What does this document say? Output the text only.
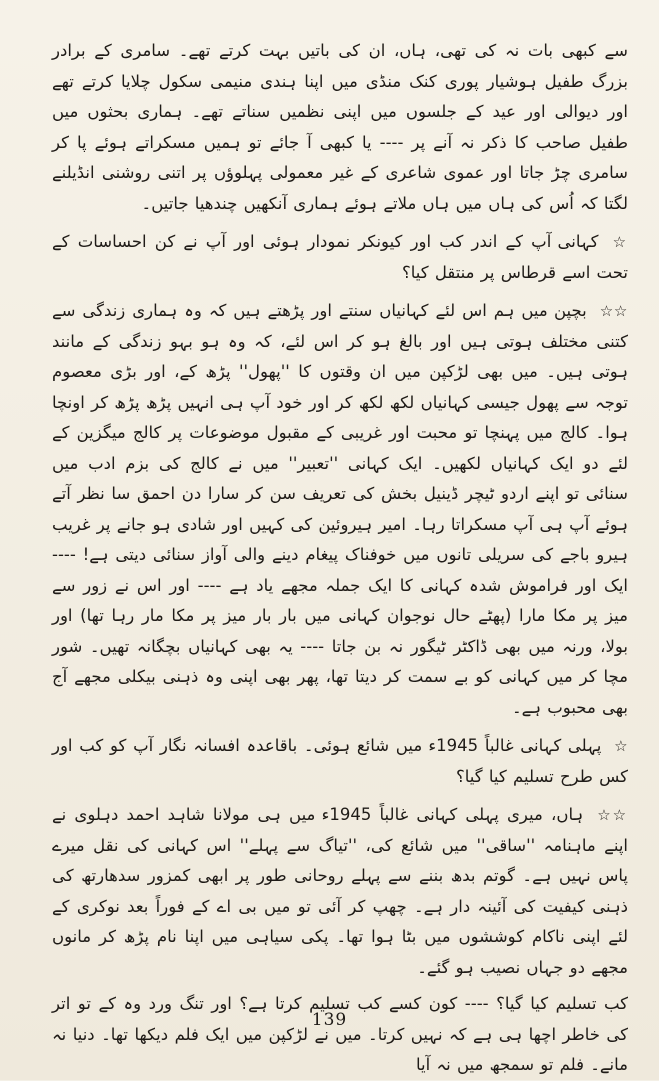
سے کبھی بات نہ کی تھی، ہاں، ان کی باتیں بہت کرتے تھے۔ سامری کے برادر بزرگ طفیل ہوشیار پوری کنک منڈی میں اپنا ہندی منیمی سکول چلایا کرتے تھے اور دیوالی اور عید کے جلسوں میں اپنی نظمیں سناتے تھے۔ ہماری بحثوں میں طفیل صاحب کا ذکر نہ آنے پر ---- یا کبھی آ جائے تو ہمیں مسکراتے ہوئے پا کر سامری چڑ جاتا اور عموی شاعری کے غیر معمولی پہلوؤں پر اتنی روشنی انڈیلنے لگتا کہ اُس کی ہاں میں ہاں ملاتے ہوئے ہماری آنکھیں چندھیا جاتیں۔

☆ کہانی آپ کے اندر کب اور کیونکر نمودار ہوئی اور آپ نے کن احساسات کے تحت اسے قرطاس پر منتقل کیا؟

☆☆ بچپن میں ہم اس لئے کہانیاں سنتے اور پڑھتے ہیں کہ وہ ہماری زندگی سے کتنی مختلف ہوتی ہیں اور بالغ ہو کر اس لئے، کہ وہ ہو بہو زندگی کے مانند ہوتی ہیں۔ میں بھی لڑکپن میں ان وقتوں کا ''پھول'' پڑھ کے، اور بڑی معصوم توجہ سے پھول جیسی کہانیاں لکھ لکھ کر اور خود آپ ہی انہیں پڑھ پڑھ کر اونچا ہوا۔ کالج میں پہنچا تو محبت اور غریبی کے مقبول موضوعات پر کالج میگزین کے لئے دو ایک کہانیاں لکھیں۔ ایک کہانی ''تعبیر'' میں نے کالج کی بزم ادب میں سنائی تو اپنے اردو ٹیچر ڈینیل بخش کی تعریف سن کر سارا دن احمق سا نظر آتے ہوئے آپ ہی آپ مسکراتا رہا۔ امیر ہیروئین کی کہیں اور شادی ہو جانے پر غریب ہیرو باجے کی سریلی تانوں میں خوفناک پیغام دینے والی آواز سنائی دیتی ہے! ---- ایک اور فراموش شدہ کہانی کا ایک جملہ مجھے یاد ہے ---- اور اس نے زور سے میز پر مکا مارا (پھٹے حال نوجوان کہانی میں بار بار میز پر مکا مار رہا تھا) اور بولا، ورنہ میں بھی ڈاکٹر ٹیگور نہ بن جاتا ---- یہ بھی کہانیاں بچگانہ تھیں۔ شور مچا کر میں کہانی کو بے سمت کر دیتا تھا، پھر بھی اپنی وہ ذہنی بیکلی مجھے آج بھی محبوب ہے۔

☆ پہلی کہانی غالباً 1945ء میں شائع ہوئی۔ باقاعدہ افسانہ نگار آپ کو کب اور کس طرح تسلیم کیا گیا؟

☆☆ ہاں، میری پہلی کہانی غالباً 1945ء میں ہی مولانا شاہد احمد دہلوی نے اپنے ماہنامہ ''ساقی'' میں شائع کی، ''تیاگ سے پہلے'' اس کہانی کی نقل میرے پاس نہیں ہے۔ گوتم بدھ بننے سے پہلے روحانی طور پر ابھی کمزور سدھارتھ کی ذہنی کیفیت کی آئینہ دار ہے۔ چھپ کر آئی تو میں بی اے کے فوراً بعد نوکری کے لئے اپنی ناکام کوششوں میں بٹا ہوا تھا۔ پکی سیاہی میں اپنا نام پڑھ کر مانوں مجھے دو جہاں نصیب ہو گئے۔

کب تسلیم کیا گیا؟ ---- کون کسے کب تسلیم کرتا ہے؟ اور تنگ ورد وہ کے تو اتر کی خاطر اچھا ہی ہے کہ نہیں کرتا۔ میں نے لڑکپن میں ایک فلم دیکھا تھا۔ دنیا نہ مانے۔ فلم تو سمجھ میں نہ آیا

139
